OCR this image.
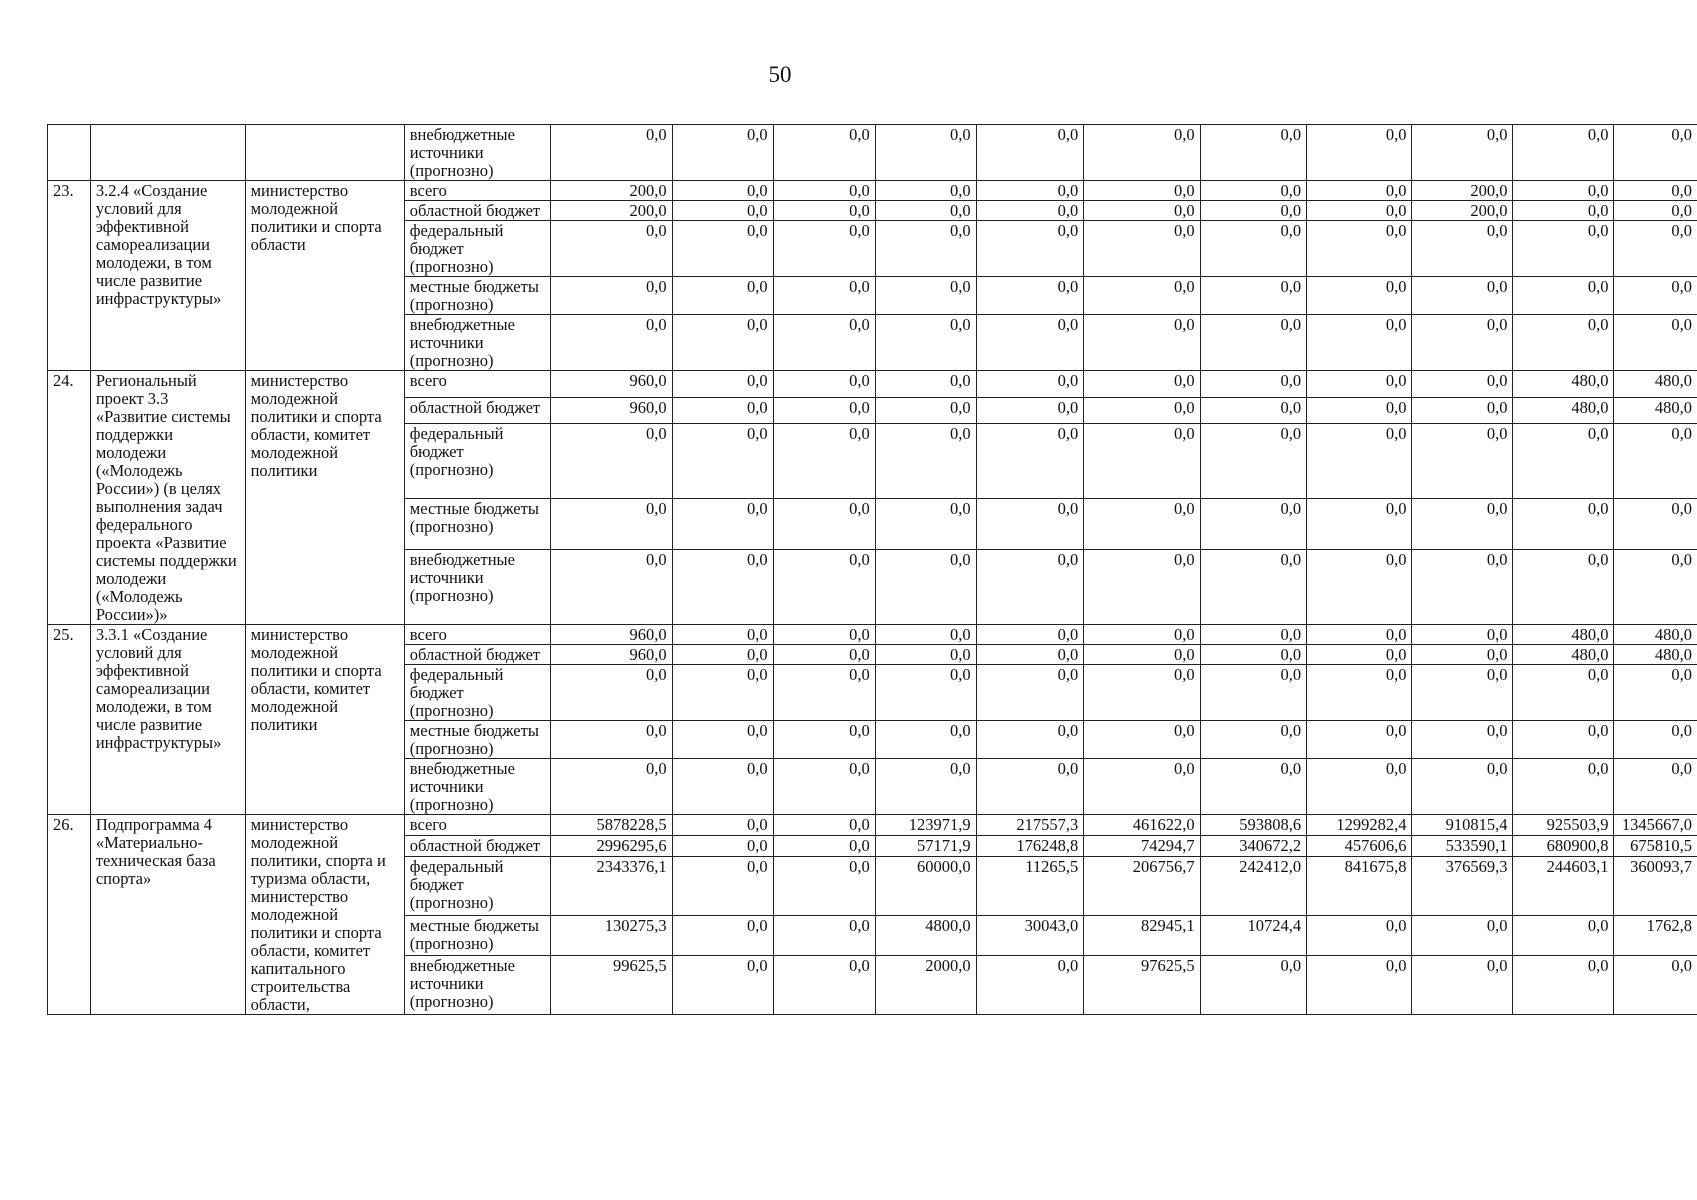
50
			внебюджетные источники (прогнозно)	0,0	0,0	0,0	0,0	0,0	0,0	0,0	0,0	0,0	0,0	0,0
23.	3.2.4 «Создание условий для эффективной самореализации молодежи, в том числе развитие инфраструктуры»	министерство молодежной политики и спорта области	всего	200,0	0,0	0,0	0,0	0,0	0,0	0,0	0,0	200,0	0,0	0,0
			областной бюджет	200,0	0,0	0,0	0,0	0,0	0,0	0,0	0,0	200,0	0,0	0,0
			федеральный бюджет (прогнозно)	0,0	0,0	0,0	0,0	0,0	0,0	0,0	0,0	0,0	0,0	0,0
			местные бюджеты (прогнозно)	0,0	0,0	0,0	0,0	0,0	0,0	0,0	0,0	0,0	0,0	0,0
			внебюджетные источники (прогнозно)	0,0	0,0	0,0	0,0	0,0	0,0	0,0	0,0	0,0	0,0	0,0
24.	Региональный проект 3.3 «Развитие системы поддержки молодежи («Молодежь России») (в целях выполнения задач федерального проекта «Развитие системы поддержки молодежи («Молодежь России»)»	министерство молодежной политики и спорта области, комитет молодежной политики	всего	960,0	0,0	0,0	0,0	0,0	0,0	0,0	0,0	0,0	480,0	480,0
			областной бюджет	960,0	0,0	0,0	0,0	0,0	0,0	0,0	0,0	0,0	480,0	480,0
			федеральный бюджет (прогнозно)	0,0	0,0	0,0	0,0	0,0	0,0	0,0	0,0	0,0	0,0	0,0
			местные бюджеты (прогнозно)	0,0	0,0	0,0	0,0	0,0	0,0	0,0	0,0	0,0	0,0	0,0
			внебюджетные источники (прогнозно)	0,0	0,0	0,0	0,0	0,0	0,0	0,0	0,0	0,0	0,0	0,0
25.	3.3.1 «Создание условий для эффективной самореализации молодежи, в том числе развитие инфраструктуры»	министерство молодежной политики и спорта области, комитет молодежной политики	всего	960,0	0,0	0,0	0,0	0,0	0,0	0,0	0,0	0,0	480,0	480,0
			областной бюджет	960,0	0,0	0,0	0,0	0,0	0,0	0,0	0,0	0,0	480,0	480,0
			федеральный бюджет (прогнозно)	0,0	0,0	0,0	0,0	0,0	0,0	0,0	0,0	0,0	0,0	0,0
			местные бюджеты (прогнозно)	0,0	0,0	0,0	0,0	0,0	0,0	0,0	0,0	0,0	0,0	0,0
			внебюджетные источники (прогнозно)	0,0	0,0	0,0	0,0	0,0	0,0	0,0	0,0	0,0	0,0	0,0
26.	Подпрограмма 4 «Материально-техническая база спорта»	министерство молодежной политики, спорта и туризма области, министерство молодежной политики и спорта области, комитет капитального строительства области,	всего	5878228,5	0,0	0,0	123971,9	217557,3	461622,0	593808,6	1299282,4	910815,4	925503,9	1345667,0
			областной бюджет	2996295,6	0,0	0,0	57171,9	176248,8	74294,7	340672,2	457606,6	533590,1	680900,8	675810,5
			федеральный бюджет (прогнозно)	2343376,1	0,0	0,0	60000,0	11265,5	206756,7	242412,0	841675,8	376569,3	244603,1	360093,7
			местные бюджеты (прогнозно)	130275,3	0,0	0,0	4800,0	30043,0	82945,1	10724,4	0,0	0,0	0,0	1762,8
			внебюджетные источники (прогнозно)	99625,5	0,0	0,0	2000,0	0,0	97625,5	0,0	0,0	0,0	0,0	0,0
